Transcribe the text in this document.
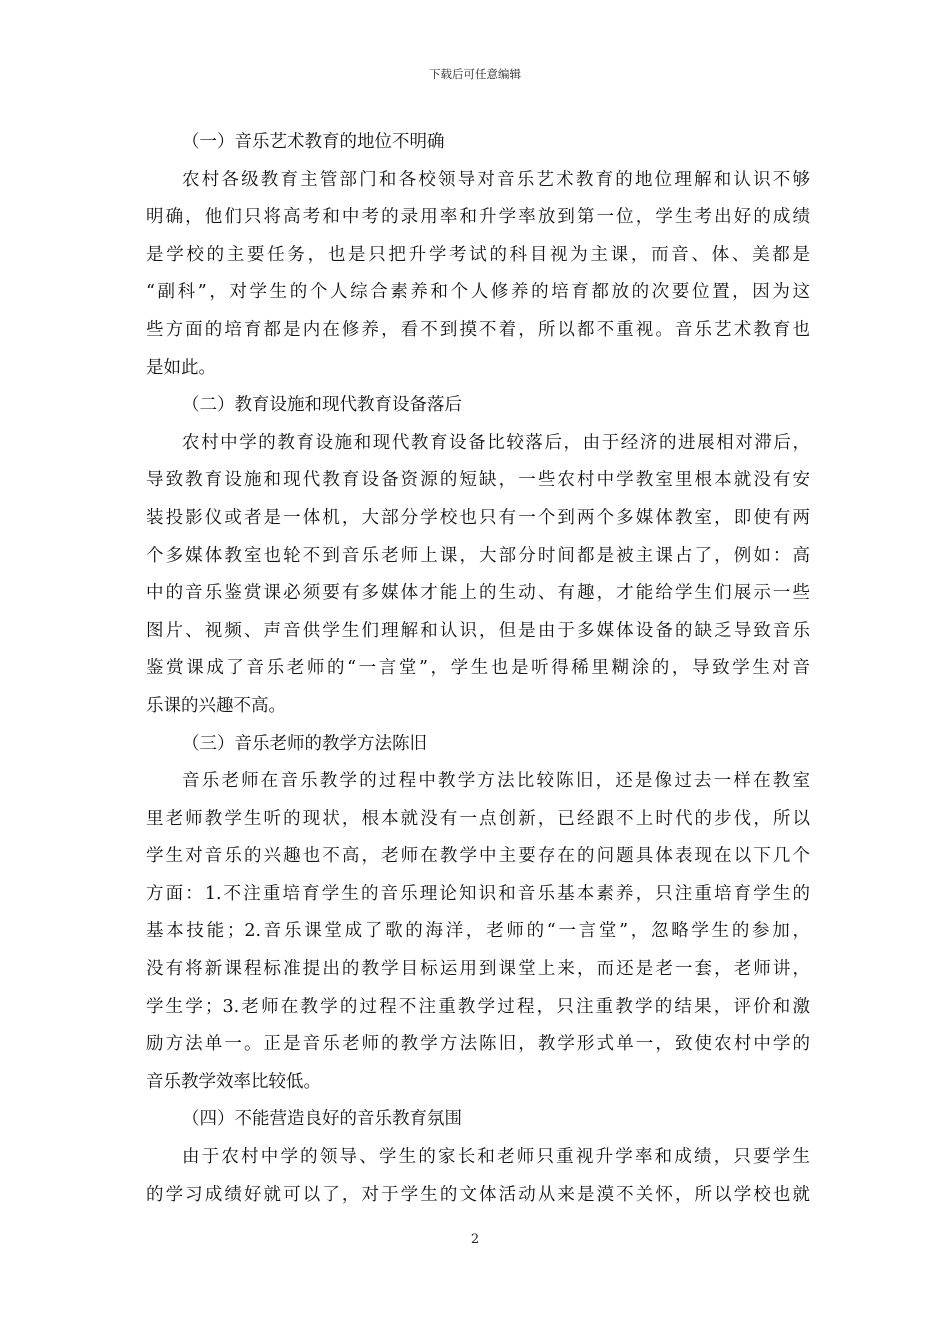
下载后可任意编辑
（一）音乐艺术教育的地位不明确
农村各级教育主管部门和各校领导对音乐艺术教育的地位理解和认识不够
明确，他们只将高考和中考的录用率和升学率放到第一位，学生考出好的成绩
是学校的主要任务，也是只把升学考试的科目视为主课，而音、体、美都是
“副科”，对学生的个人综合素养和个人修养的培育都放的次要位置，因为这
些方面的培育都是内在修养，看不到摸不着，所以都不重视。音乐艺术教育也
是如此。
（二）教育设施和现代教育设备落后
农村中学的教育设施和现代教育设备比较落后，由于经济的进展相对滞后，
导致教育设施和现代教育设备资源的短缺，一些农村中学教室里根本就没有安
装投影仪或者是一体机，大部分学校也只有一个到两个多媒体教室，即使有两
个多媒体教室也轮不到音乐老师上课，大部分时间都是被主课占了，例如：高
中的音乐鉴赏课必须要有多媒体才能上的生动、有趣，才能给学生们展示一些
图片、视频、声音供学生们理解和认识，但是由于多媒体设备的缺乏导致音乐
鉴赏课成了音乐老师的“一言堂”，学生也是听得稀里糊涂的，导致学生对音
乐课的兴趣不高。
（三）音乐老师的教学方法陈旧
音乐老师在音乐教学的过程中教学方法比较陈旧，还是像过去一样在教室
里老师教学生听的现状，根本就没有一点创新，已经跟不上时代的步伐，所以
学生对音乐的兴趣也不高，老师在教学中主要存在的问题具体表现在以下几个
方面：1.不注重培育学生的音乐理论知识和音乐基本素养，只注重培育学生的
基本技能；2.音乐课堂成了歌的海洋，老师的“一言堂”，忽略学生的参加，
没有将新课程标准提出的教学目标运用到课堂上来，而还是老一套，老师讲，
学生学；3.老师在教学的过程不注重教学过程，只注重教学的结果，评价和激
励方法单一。正是音乐老师的教学方法陈旧，教学形式单一，致使农村中学的
音乐教学效率比较低。
（四）不能营造良好的音乐教育氛围
由于农村中学的领导、学生的家长和老师只重视升学率和成绩，只要学生
的学习成绩好就可以了，对于学生的文体活动从来是漠不关怀，所以学校也就
2
